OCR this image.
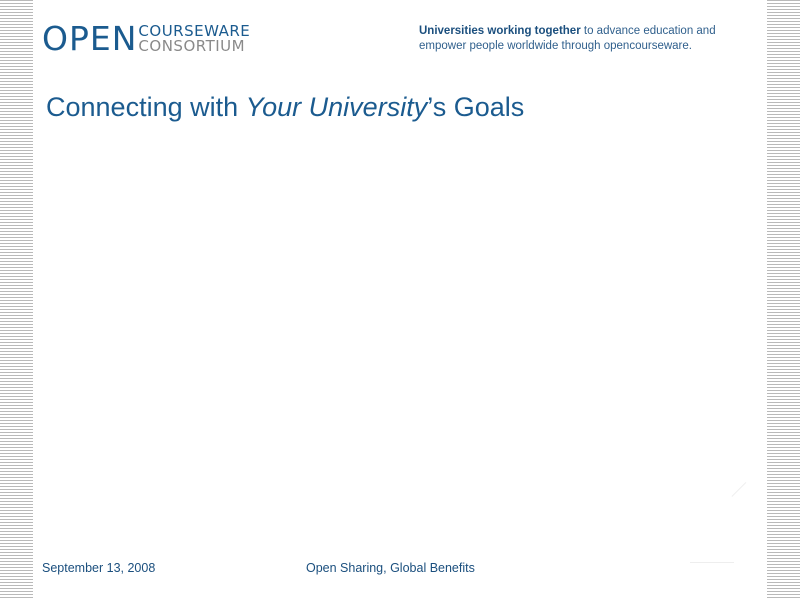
OPEN COURSEWARE
CONSORTIUM
Universities working together to advance education and
empower people worldwide through opencourseware.
Connecting with Your University’s Goals
September 13, 2008	Open Sharing, Global Benefits
